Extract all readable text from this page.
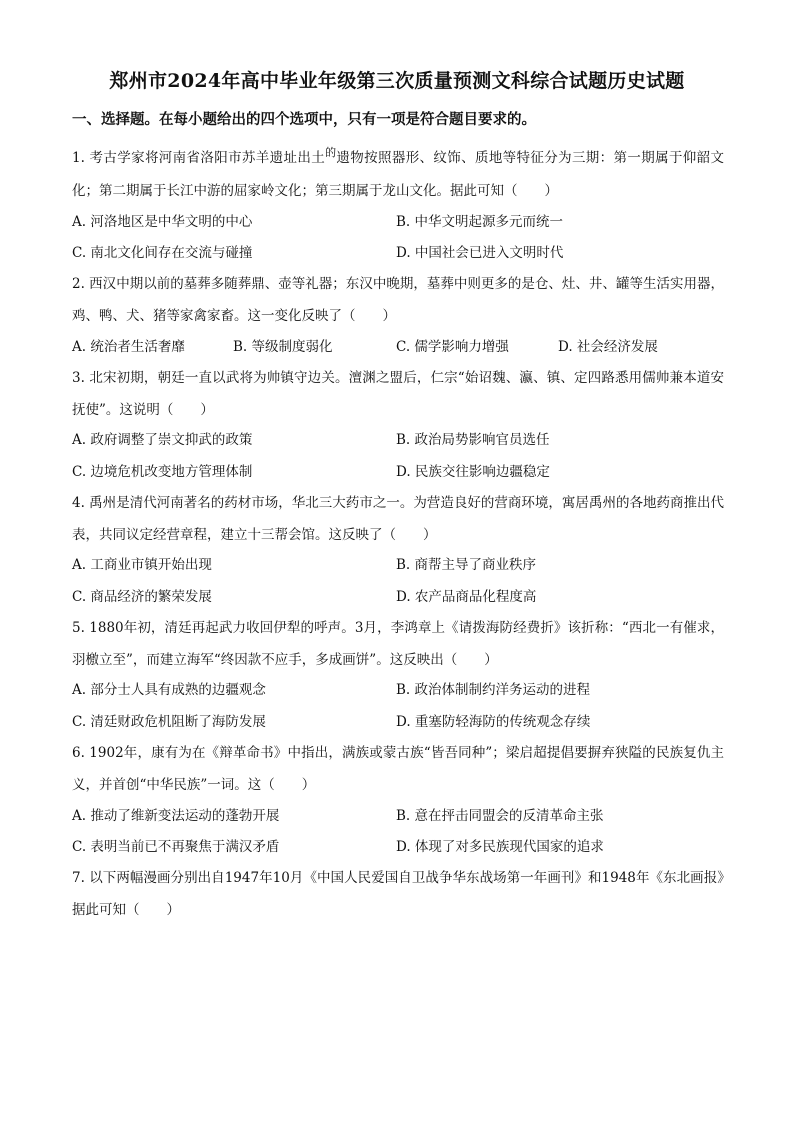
郑州市2024年高中毕业年级第三次质量预测文科综合试题历史试题
一、选择题。在每小题给出的四个选项中，只有一项是符合题目要求的。
1. 考古学家将河南省洛阳市苏羊遗址出土$^的$遗物按照器形、纹饰、质地等特征分为三期：第一期属于仰韶文化；第二期属于长江中游的屈家岭文化；第三期属于龙山文化。据此可知（　　）
A. 河洛地区是中华文明的中心	B. 中华文明起源多元而统一
C. 南北文化间存在交流与碰撞	D. 中国社会已进入文明时代
2. 西汉中期以前的墓葬多随葬鼎、壶等礼器；东汉中晚期，墓葬中则更多的是仓、灶、井、罐等生活实用器，鸡、鸭、犬、猪等家禽家畜。这一变化反映了（　　）
A. 统治者生活奢靡	B. 等级制度弱化	C. 儒学影响力增强	D. 社会经济发展
3. 北宋初期，朝廷一直以武将为帅镇守边关。澶渊之盟后，仁宗“始诏魏、瀛、镇、定四路悉用儒帅兼本道安抚使”。这说明（　　）
A. 政府调整了崇文抑武的政策	B. 政治局势影响官员选任
C. 边境危机改变地方管理体制	D. 民族交往影响边疆稳定
4. 禹州是清代河南著名的药材市场，华北三大药市之一。为营造良好的营商环境，寓居禹州的各地药商推出代表，共同议定经营章程，建立十三帮会馆。这反映了（　　）
A. 工商业市镇开始出现	B. 商帮主导了商业秩序
C. 商品经济的繁荣发展	D. 农产品商品化程度高
5. 1880年初，清廷再起武力收回伊犁的呼声。3月，李鸿章上《请拨海防经费折》该折称：“西北一有催求，羽檄立至”，而建立海军“终因款不应手，多成画饼”。这反映出（　　）
A. 部分士人具有成熟的边疆观念	B. 政治体制制约洋务运动的进程
C. 清廷财政危机阻断了海防发展	D. 重塞防轻海防的传统观念存续
6. 1902年，康有为在《辩革命书》中指出，满族或蒙古族“皆吾同种”；梁启超提倡要摒弃狭隘的民族复仇主义，并首创“中华民族”一词。这（　　）
A. 推动了维新变法运动的蓬勃开展	B. 意在抨击同盟会的反清革命主张
C. 表明当前已不再聚焦于满汉矛盾	D. 体现了对多民族现代国家的追求
7. 以下两幅漫画分别出自1947年10月《中国人民爱国自卫战争华东战场第一年画刊》和1948年《东北画报》据此可知（　　）
